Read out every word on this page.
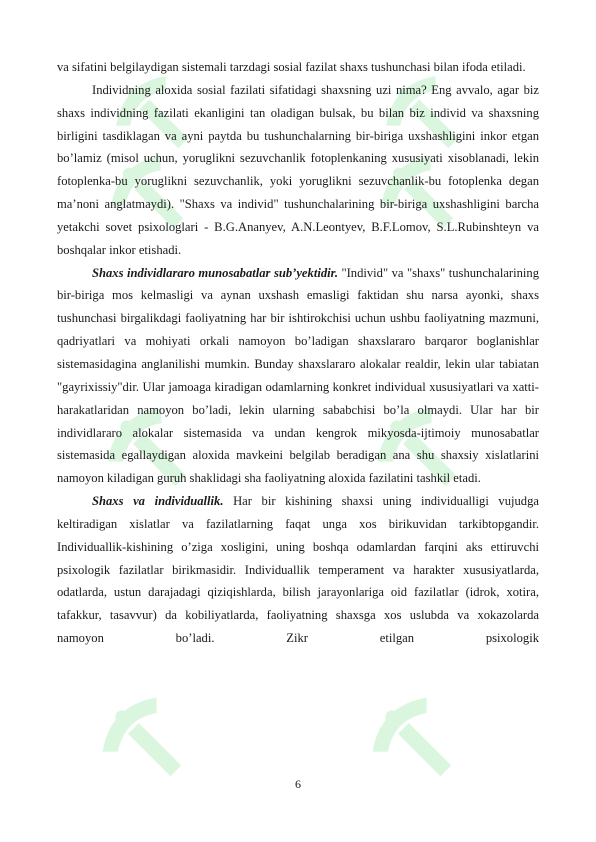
va sifatini belgilaydigan sistemali tarzdagi sosial fazilat shaxs tushunchasi bilan ifoda etiladi.

Individning aloxida sosial fazilati sifatidagi shaxsning uzi nima? Eng avvalo, agar biz shaxs individning fazilati ekanligini tan oladigan bulsak, bu bilan biz individ va shaxsning birligini tasdiklagan va ayni paytda bu tushunchalarning bir-biriga uxshashligini inkor etgan bo’lamiz (misol uchun, yoruglikni sezuvchanlik fotoplenkaning xususiyati xisoblanadi, lekin fotoplenka-bu yoruglikni sezuvchanlik, yoki yoruglikni sezuvchanlik-bu fotoplenka degan ma’noni anglatmaydi). "Shaxs va individ" tushunchalarining bir-biriga uxshashligini barcha yetakchi sovet psixologlari - B.G.Ananyev, A.N.Leontyev, B.F.Lomov, S.L.Rubinshteyn va boshqalar inkor etishadi.

Shaxs individlararo munosabatlar sub’yektidir. "Individ" va "shaxs" tushunchalarining bir-biriga mos kelmasligi va aynan uxshash emasligi faktidan shu narsa ayonki, shaxs tushunchasi birgalikdagi faoliyatning har bir ishtirokchisi uchun ushbu faoliyatning mazmuni, qadriyatlari va mohiyati orkali namoyon bo’ladigan shaxslararo barqaror boglanishlar sistemasidagina anglanilishi mumkin. Bunday shaxslararo alokalar realdir, lekin ular tabiatan "gayrixissiy"dir. Ular jamoaga kiradigan odamlarning konkret individual xususiyatlari va xatti-harakatlaridan namoyon bo’ladi, lekin ularning sababchisi bo’la olmaydi. Ular har bir individlararo alokalar sistemasida va undan kengrok mikyosda-ijtimoiy munosabatlar sistemasida egallaydigan aloxida mavkeini belgilab beradigan ana shu shaxsiy xislatlarini namoyon kiladigan guruh shaklidagi sha faoliyatning aloxida fazilatini tashkil etadi.

Shaxs va individuallik. Har bir kishining shaxsi uning individualligi vujudga keltiradigan xislatlar va fazilatlarning faqat unga xos birikuvidan tarkibtopgandir. Individuallik-kishining o’ziga xosligini, uning boshqa odamlardan farqini aks ettiruvchi psixologik fazilatlar birikmasidir. Individuallik temperament va harakter xususiyatlarda, odatlarda, ustun darajadagi qiziqishlarda, bilish jarayonlariga oid fazilatlar (idrok, xotira, tafakkur, tasavvur) da kobiliyatlarda, faoliyatning shaxsga xos uslubda va xokazolarda namoyon bo’ladi. Zikr etilgan psixologik

6
